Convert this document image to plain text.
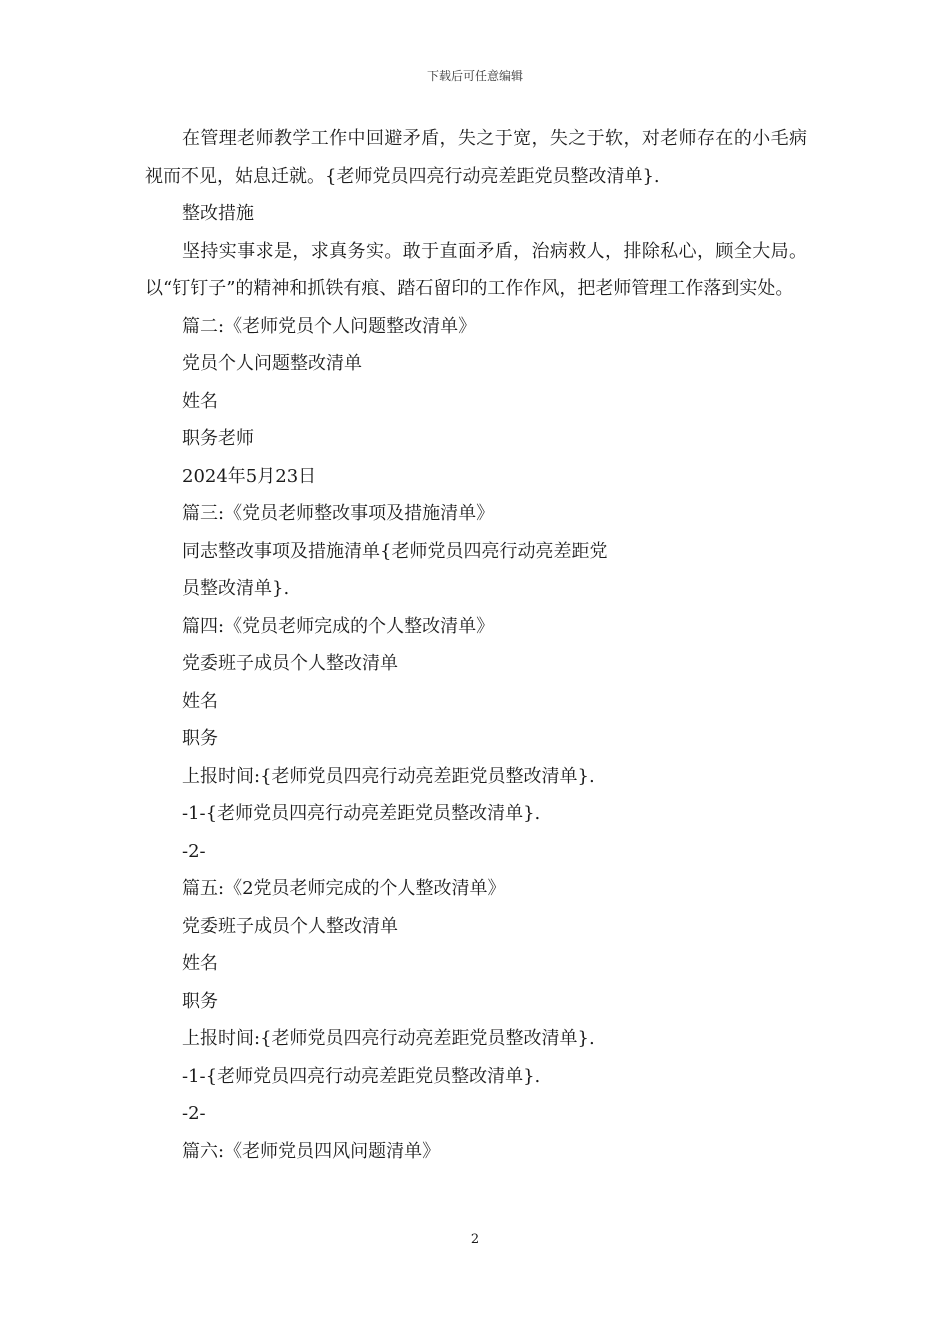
下载后可任意编辑

在管理老师教学工作中回避矛盾，失之于宽，失之于软，对老师存在的小毛病视而不见，姑息迁就。{老师党员四亮行动亮差距党员整改清单}.

整改措施

坚持实事求是，求真务实。敢于直面矛盾，治病救人，排除私心，顾全大局。以“钉钉子”的精神和抓铁有痕、踏石留印的工作作风，把老师管理工作落到实处。

篇二:《老师党员个人问题整改清单》

党员个人问题整改清单

姓名

职务老师

2024年5月23日

篇三:《党员老师整改事项及措施清单》

同志整改事项及措施清单{老师党员四亮行动亮差距党

员整改清单}.

篇四:《党员老师完成的个人整改清单》

党委班子成员个人整改清单

姓名

职务

上报时间:{老师党员四亮行动亮差距党员整改清单}.

-1-{老师党员四亮行动亮差距党员整改清单}.

-2-

篇五:《2党员老师完成的个人整改清单》

党委班子成员个人整改清单

姓名

职务

上报时间:{老师党员四亮行动亮差距党员整改清单}.

-1-{老师党员四亮行动亮差距党员整改清单}.

-2-

篇六:《老师党员四风问题清单》

2
